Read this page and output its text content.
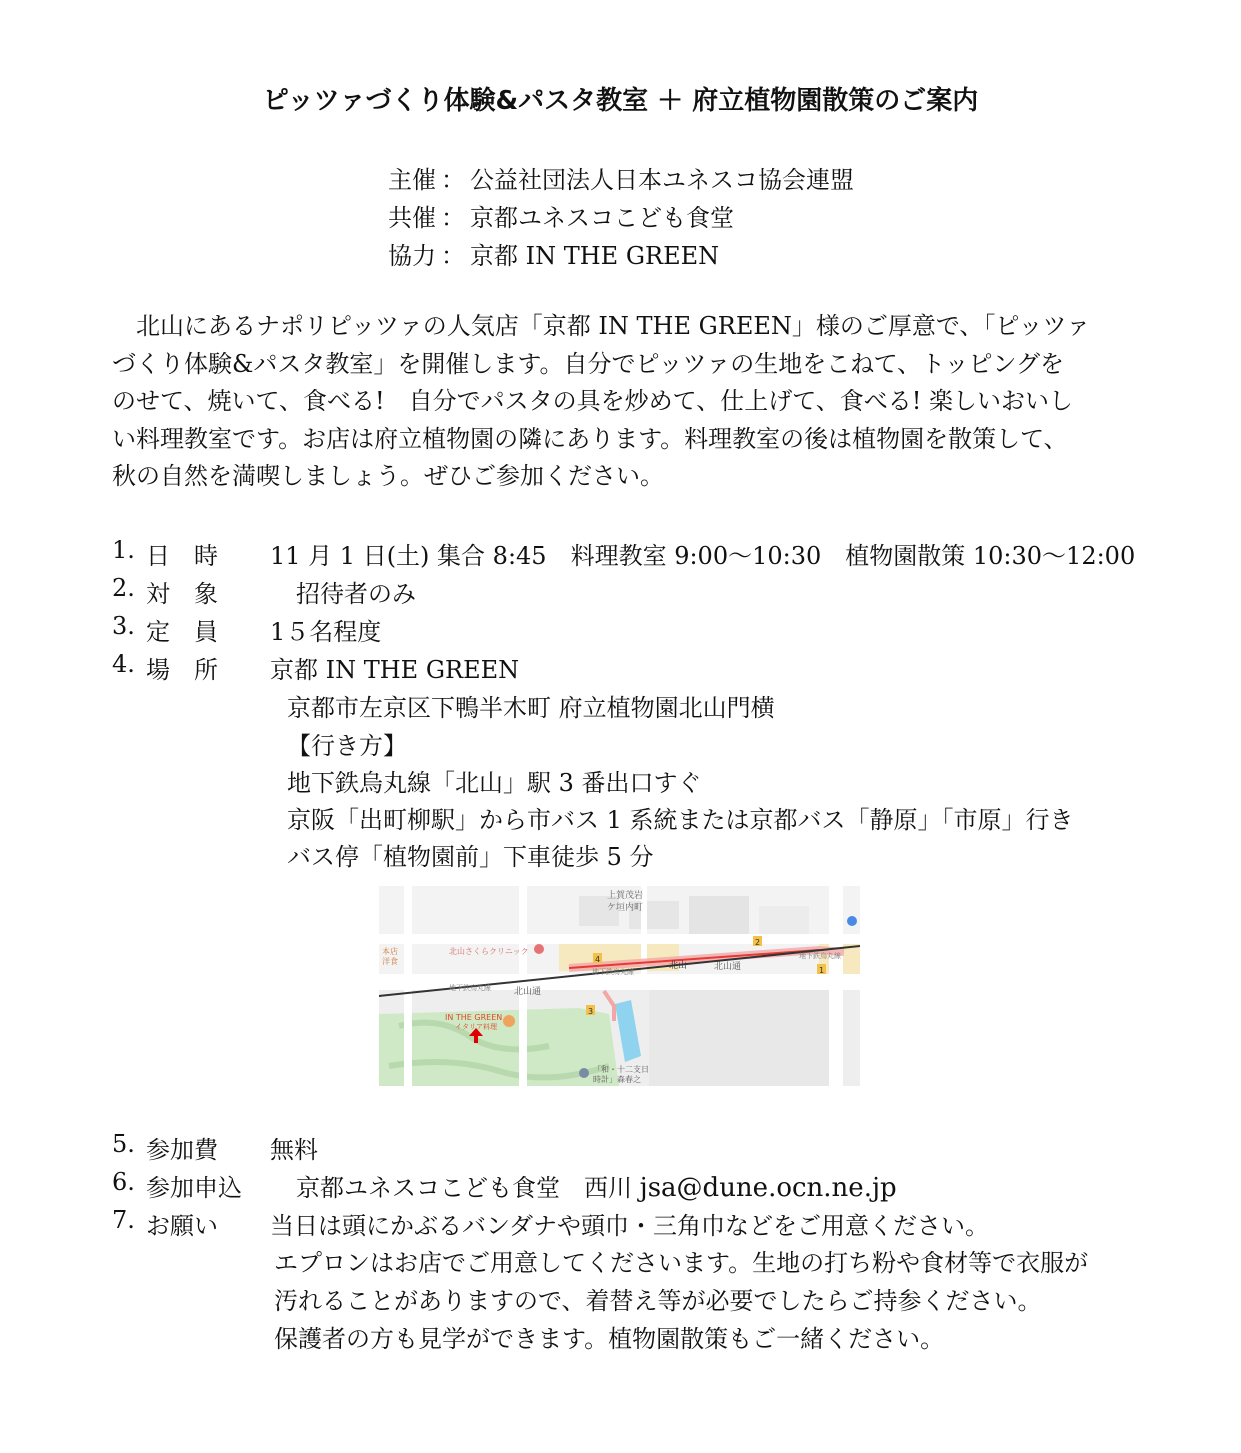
ピッツァづくり体験&パスタ教室 ＋ 府立植物園散策のご案内
主催 ： 公益社団法人日本ユネスコ協会連盟
共催 ： 京都ユネスコこども食堂
協力 ： 京都 IN THE GREEN

　北山にあるナポリピッツァの人気店「京都 IN THE GREEN」様のご厚意で、「ピッツァ

づくり体験&パスタ教室」を開催します。自分でピッツァの生地をこねて、トッピングを

のせて、焼いて、食べる!　自分でパスタの具を炒めて、仕上げて、食べる! 楽しいおいし

い料理教室です。お店は府立植物園の隣にあります。料理教室の後は植物園を散策して、

秋の自然を満喫しましょう。ぜひご参加ください。

1. 日　時 11 月 1 日(土) 集合 8:45　料理教室 9:00〜10:30　植物園散策 10:30〜12:00
2. 対　象	招待者のみ
3. 定　員 1５名程度
4. 場　所 京都 IN THE GREEN
京都市左京区下鴨半木町 府立植物園北山門横
【行き方】
地下鉄烏丸線「北山」駅 3 番出口すぐ
京阪「出町柳駅」から市バス 1 系統または京都バス「静原」「市原」行き
バス停「植物園前」下車徒歩 5 分
上賀茂岩
ケ垣内町
北山さくらクリニック
本店
洋食	北山	北山通
北山通
地下鉄烏丸線
地下鉄烏丸線
地下鉄烏丸線
IN THE GREEN
イタリア料理
「和・十二支日
時計」森春之
4
2
1
3
5. 参加費 無料
6. 参加申込 京都ユネスコこども食堂　西川 jsa@dune.ocn.ne.jp
7. お願い 当日は頭にかぶるバンダナや頭巾・三角巾などをご用意ください。
エプロンはお店でご用意してくださいます。生地の打ち粉や食材等で衣服が
汚れることがありますので、着替え等が必要でしたらご持参ください。
保護者の方も見学ができます。植物園散策もご一緒ください。
